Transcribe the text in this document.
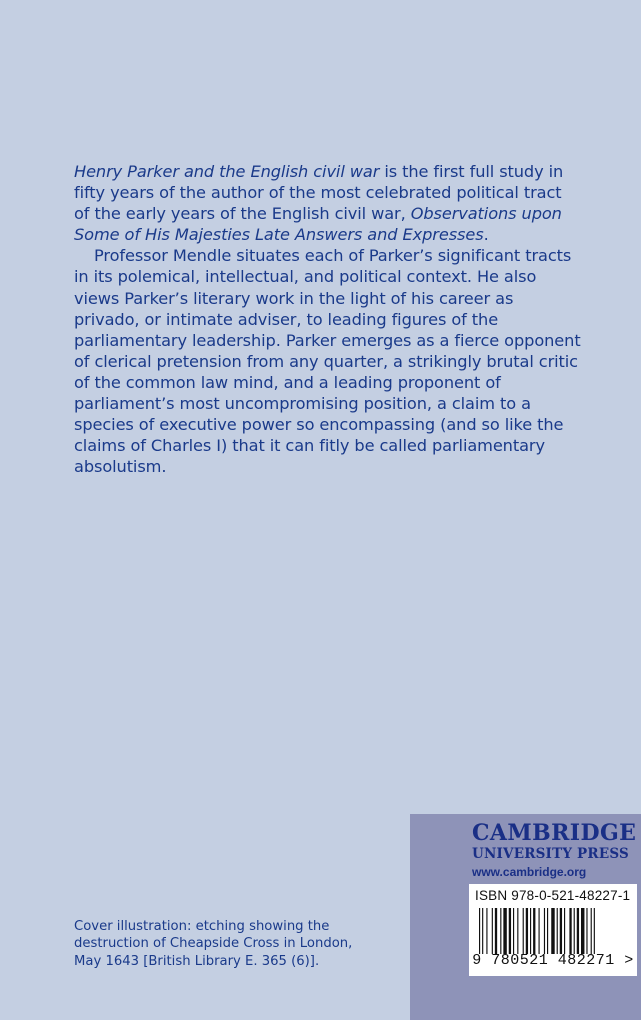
Henry Parker and the English civil war is the first full study in
fifty years of the author of the most celebrated political tract
of the early years of the English civil war, Observations upon
Some of His Majesties Late Answers and Expresses.
Professor Mendle situates each of Parker’s significant tracts
in its polemical, intellectual, and political context. He also
views Parker’s literary work in the light of his career as
privado, or intimate adviser, to leading figures of the
parliamentary leadership. Parker emerges as a fierce opponent
of clerical pretension from any quarter, a strikingly brutal critic
of the common law mind, and a leading proponent of
parliament’s most uncompromising position, a claim to a
species of executive power so encompassing (and so like the
claims of Charles I) that it can fitly be called parliamentary
absolutism.
Cover illustration: etching showing the
destruction of Cheapside Cross in London,
May 1643 [British Library E. 365 (6)].
CAMBRIDGE
UNIVERSITY PRESS
www.cambridge.org
ISBN 978-0-521-48227-1
9 780521 482271 >
